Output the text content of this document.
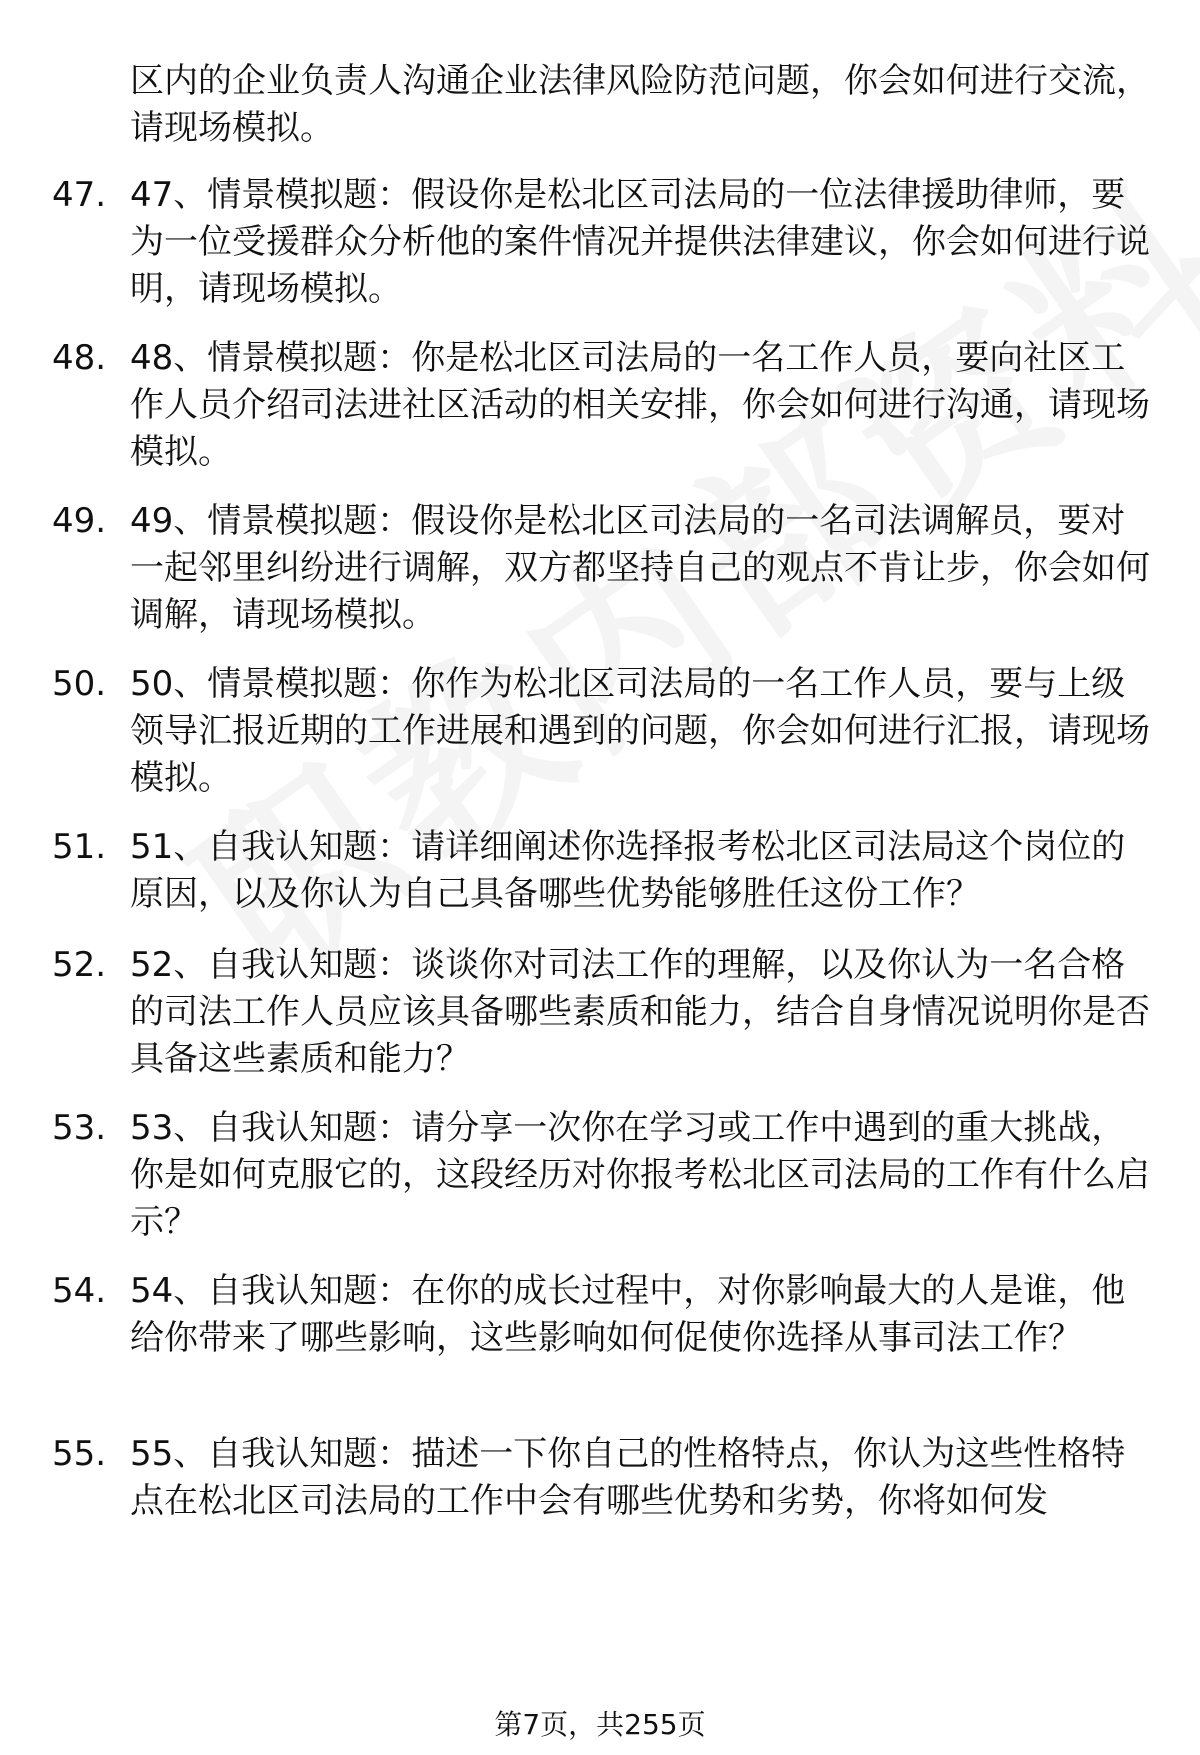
区内的企业负责人沟通企业法律风险防范问题，你会如何进行交流，请现场模拟。
47. 47、情景模拟题：假设你是松北区司法局的一位法律援助律师，要为一位受援群众分析他的案件情况并提供法律建议，你会如何进行说明，请现场模拟。
48. 48、情景模拟题：你是松北区司法局的一名工作人员，要向社区工作人员介绍司法进社区活动的相关安排，你会如何进行沟通，请现场模拟。
49. 49、情景模拟题：假设你是松北区司法局的一名司法调解员，要对一起邻里纠纷进行调解，双方都坚持自己的观点不肯让步，你会如何调解，请现场模拟。
50. 50、情景模拟题：你作为松北区司法局的一名工作人员，要与上级领导汇报近期的工作进展和遇到的问题，你会如何进行汇报，请现场模拟。
51. 51、自我认知题：请详细阐述你选择报考松北区司法局这个岗位的原因，以及你认为自己具备哪些优势能够胜任这份工作？
52. 52、自我认知题：谈谈你对司法工作的理解，以及你认为一名合格的司法工作人员应该具备哪些素质和能力，结合自身情况说明你是否具备这些素质和能力？
53. 53、自我认知题：请分享一次你在学习或工作中遇到的重大挑战，你是如何克服它的，这段经历对你报考松北区司法局的工作有什么启示？
54. 54、自我认知题：在你的成长过程中，对你影响最大的人是谁，他给你带来了哪些影响，这些影响如何促使你选择从事司法工作？
55. 55、自我认知题：描述一下你自己的性格特点，你认为这些性格特点在松北区司法局的工作中会有哪些优势和劣势，你将如何发
第7页，共255页
